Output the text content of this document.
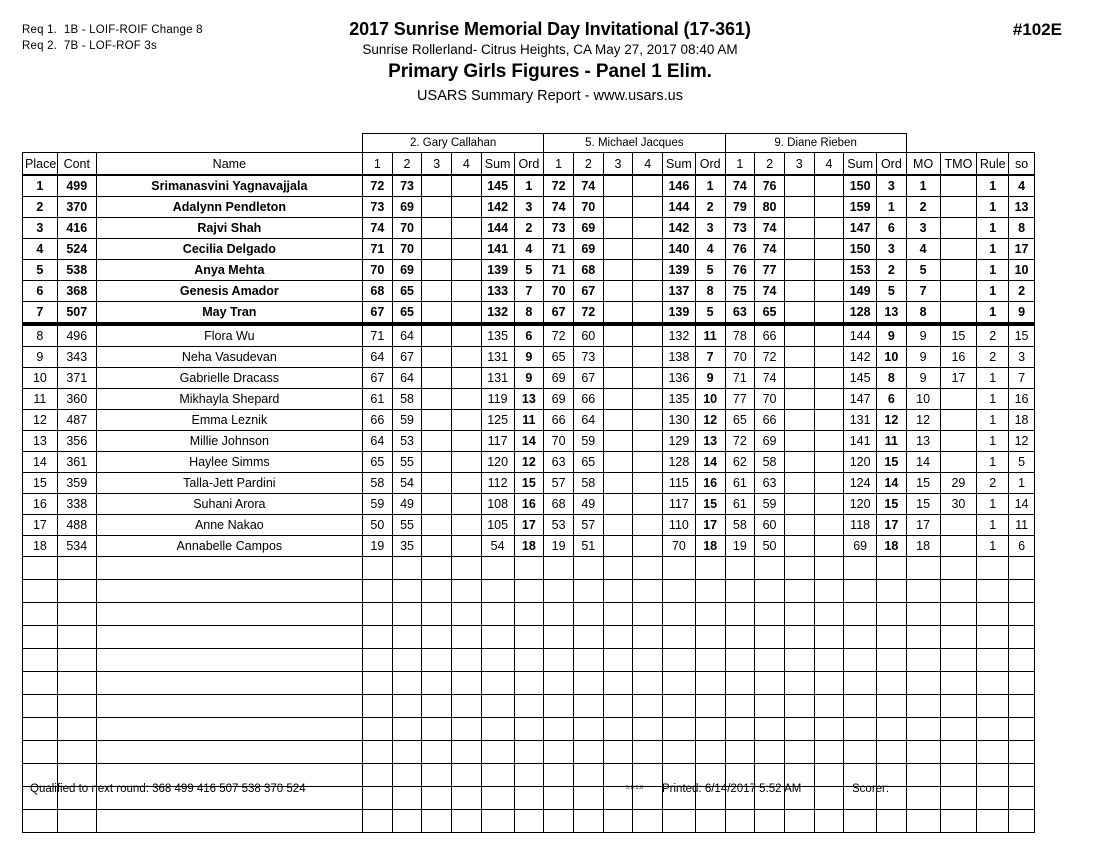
Req 1.  1B - LOIF-ROIF Change 8
Req 2.  7B - LOF-ROF 3s
2017 Sunrise Memorial Day Invitational (17-361)
Sunrise Rollerland- Citrus Heights, CA May 27, 2017 08:40 AM
Primary Girls Figures - Panel 1 Elim.
USARS Summary Report - www.usars.us
#102E
			2. Gary Callahan						5. Michael Jacques						9. Diane Rieben									
Place	Cont	Name	1	2	3	4	Sum	Ord	1	2	3	4	Sum	Ord	1	2	3	4	Sum	Ord	MO	TMO	Rule	so
1	499	Srimanasvini Yagnavajjala	72	73			145	1	72	74			146	1	74	76			150	3	1		1	4
2	370	Adalynn Pendleton	73	69			142	3	74	70			144	2	79	80			159	1	2		1	13
3	416	Rajvi Shah	74	70			144	2	73	69			142	3	73	74			147	6	3		1	8
4	524	Cecilia Delgado	71	70			141	4	71	69			140	4	76	74			150	3	4		1	17
5	538	Anya Mehta	70	69			139	5	71	68			139	5	76	77			153	2	5		1	10
6	368	Genesis Amador	68	65			133	7	70	67			137	8	75	74			149	5	7		1	2
7	507	May Tran	67	65			132	8	67	72			139	5	63	65			128	13	8		1	9
8	496	Flora Wu	71	64			135	6	72	60			132	11	78	66			144	9	9	15	2	15
9	343	Neha Vasudevan	64	67			131	9	65	73			138	7	70	72			142	10	9	16	2	3
10	371	Gabrielle Dracass	67	64			131	9	69	67			136	9	71	74			145	8	9	17	1	7
11	360	Mikhayla Shepard	61	58			119	13	69	66			135	10	77	70			147	6	10		1	16
12	487	Emma Leznik	66	59			125	11	66	64			130	12	65	66			131	12	12		1	18
13	356	Millie Johnson	64	53			117	14	70	59			129	13	72	69			141	11	13		1	12
14	361	Haylee Simms	65	55			120	12	63	65			128	14	62	58			120	15	14		1	5
15	359	Talla-Jett Pardini	58	54			112	15	57	58			115	16	61	63			124	14	15	29	2	1
16	338	Suhani Arora	59	49			108	16	68	49			117	15	61	59			120	15	15	30	1	14
17	488	Anne Nakao	50	55			105	17	53	57			110	17	58	60			118	17	17		1	11
18	534	Annabelle Campos	19	35			54	18	19	51			70	18	19	50			69	18	18		1	6

Qualified to next round: 368 499 416 507 538 370 524	3.8.1.8 Printed: 6/14/2017 5:52 AM	Scorer:
